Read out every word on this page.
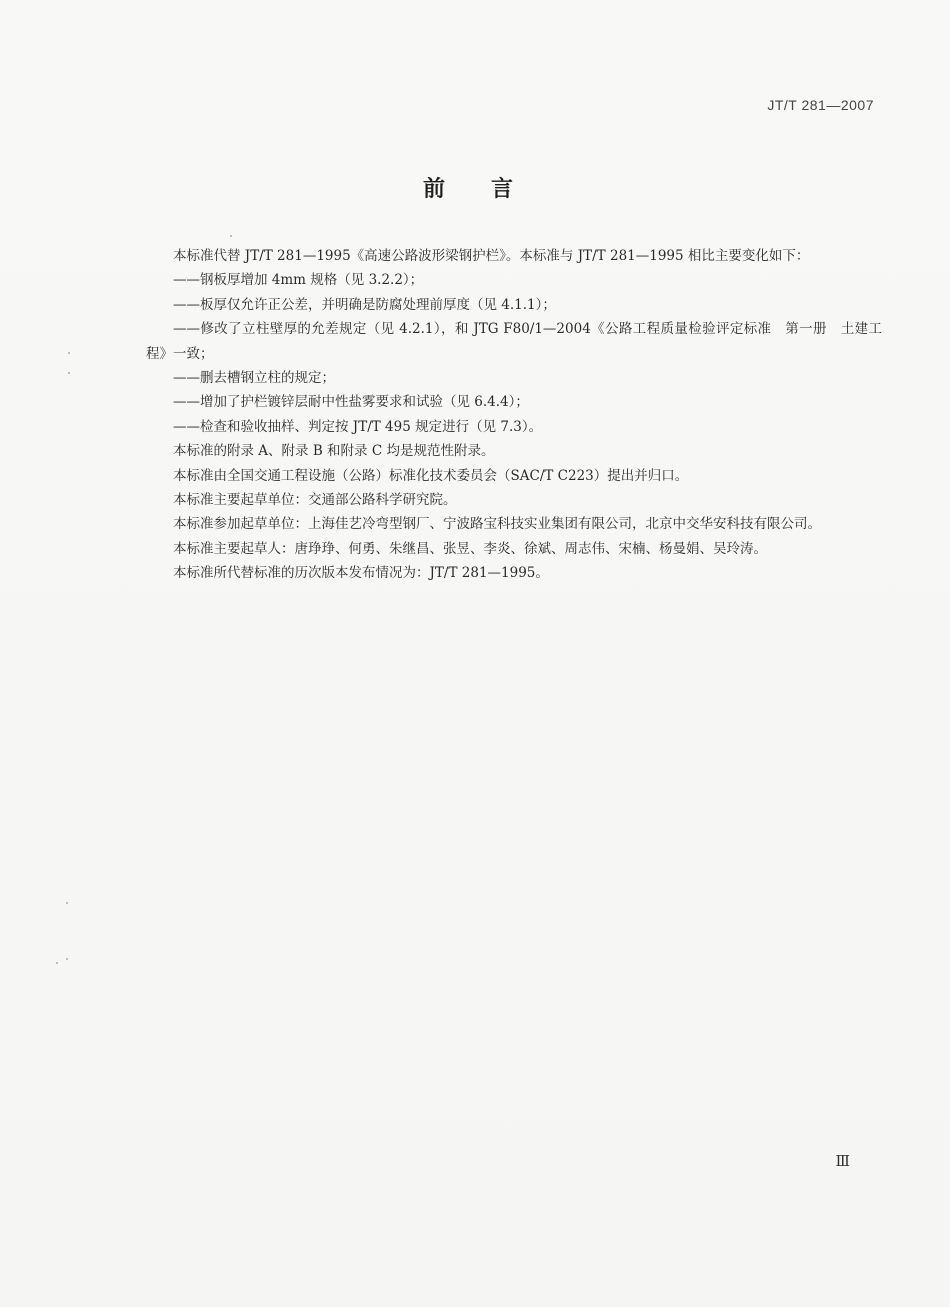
JT/T 281—2007
前言

本标准代替 JT/T 281—1995《高速公路波形梁钢护栏》。本标准与 JT/T 281—1995 相比主要变化如下：

——钢板厚增加 4mm 规格（见 3.2.2）；

——板厚仅允许正公差，并明确是防腐处理前厚度（见 4.1.1）；

——修改了立柱壁厚的允差规定（见 4.2.1），和 JTG F80/1—2004《公路工程质量检验评定标准　第一册　土建工程》一致；

——删去槽钢立柱的规定；

——增加了护栏镀锌层耐中性盐雾要求和试验（见 6.4.4）；

——检查和验收抽样、判定按 JT/T 495 规定进行（见 7.3）。

本标准的附录 A、附录 B 和附录 C 均是规范性附录。

本标准由全国交通工程设施（公路）标准化技术委员会（SAC/T C223）提出并归口。

本标准主要起草单位：交通部公路科学研究院。

本标准参加起草单位：上海佳艺冷弯型钢厂、宁波路宝科技实业集团有限公司，北京中交华安科技有限公司。

本标准主要起草人：唐琤琤、何勇、朱继昌、张昱、李炎、徐斌、周志伟、宋楠、杨曼娟、吴玲涛。

本标准所代替标准的历次版本发布情况为：JT/T 281—1995。

Ⅲ
